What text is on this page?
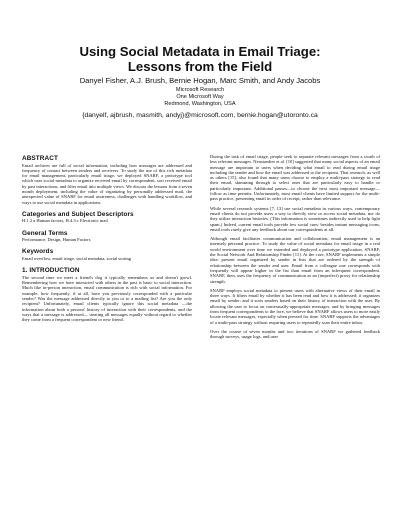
Using Social Metadata in Email Triage:
Lessons from the Field
Danyel Fisher, A.J. Brush, Bernie Hogan, Marc Smith, and Andy Jacobs
Microsoft Research
One Microsoft Way
Redmond, Washington, USA
{danyelf, ajbrush, masmith, andyj}@microsoft.com, bernie.hogan@utoronto.ca
ABSTRACT

Email archives are full of social information, including how messages are addressed and frequency of contact between senders and receivers. To study the use of this rich metadata for email management, particularly email triage, we deployed SNARF, a prototype tool which uses social metadata to organize received email by correspondent, sort received email by past interactions, and filter email into multiple views. We discuss the lessons from a seven month deployment, including the value of organizing by personally addressed mail, the unexpected value of SNARF for email awareness, challenges with handling workflow, and ways to use social metadata in applications.

Categories and Subject Descriptors

H.1.2 a Human factors, H.4.3.c Electronic mail

General Terms

Performance, Design, Human Factors

Keywords

Email overflow, email triage, social metadata, social sorting

1. INTRODUCTION

The second time we meet a friend's dog it typically remembers us and doesn't growl. Remembering how we have interacted with others in the past is basic to social interaction. Much like in-person interaction, email communication is rich with social information. For example, how frequently, if at all, have you previously corresponded with a particular sender? Was the message addressed directly to you or to a mailing list? Are you the only recipient? Unfortunately, email clients typically ignore this social metadata —the information about both a persons' history of interaction with their correspondents, and the ways that a message is addressed— treating all messages equally without regard to whether they come from a frequent correspondent or new friend.

During the task of email triage, people seek to separate relevant messages from a swath of less relevant messages. Neustaedter et al. [10] suggested that many social aspects of an email message are important to users when deciding what email to read during email triage including the sender and how the email was addressed to the recipient. That research, as well as others [15], also found that many users choose to employ a multi-pass strategy to read their email, skimming through to select ones that are particularly easy to handle or particularly important. Additional passes—to choose the next most important message—follow as time permits. Unfortunately, most email clients have limited support for the multi-pass practice, presenting email in order of receipt, rather than relevance.

While several research systems [7, 13] use social metadata in various ways, contemporary email clients do not provide users a way to directly view or access social metadata, nor do they utilize interaction histories. (This information is sometimes indirectly used to help fight spam.) Indeed, current email tools provide few social cues: besides instant messaging icons, email tools rarely give any feedback about our correspondents at all.

Although email facilitates communication and collaboration, email management is an intensely personal practice. To study the value of social metadata for email triage in a real world environment over time we extended and deployed a prototype application, SNARF, the Social Network And Relationship Finder [11]. At the core, SNARF implements a simple idea: present email organized by sender in lists that are ordered by the strength of relationship between the sender and user. Email from a colleague one corresponds with frequently will appear higher in the list than email from an infrequent correspondent. SNARF, then, uses the frequency of communication as an (imperfect) proxy for relationship strength.

SNARF employs social metadata to present users with alternative views of their email in three ways. It filters email by whether it has been read and how it is addressed; it organizes email by sender; and it sorts senders based on their history of interaction with the user. By allowing the user to focus on contextually-appropriate messages, and by bringing messages from frequent correspondents to the fore, we believe that SNARF allows users to more easily locate relevant messages, especially when pressed for time. SNARF supports the advantages of a multi-pass strategy without requiring users to repeatedly scan their entire inbox.

Over the course of seven months and two iterations of SNARF we gathered feedback through surveys, usage logs, and user
